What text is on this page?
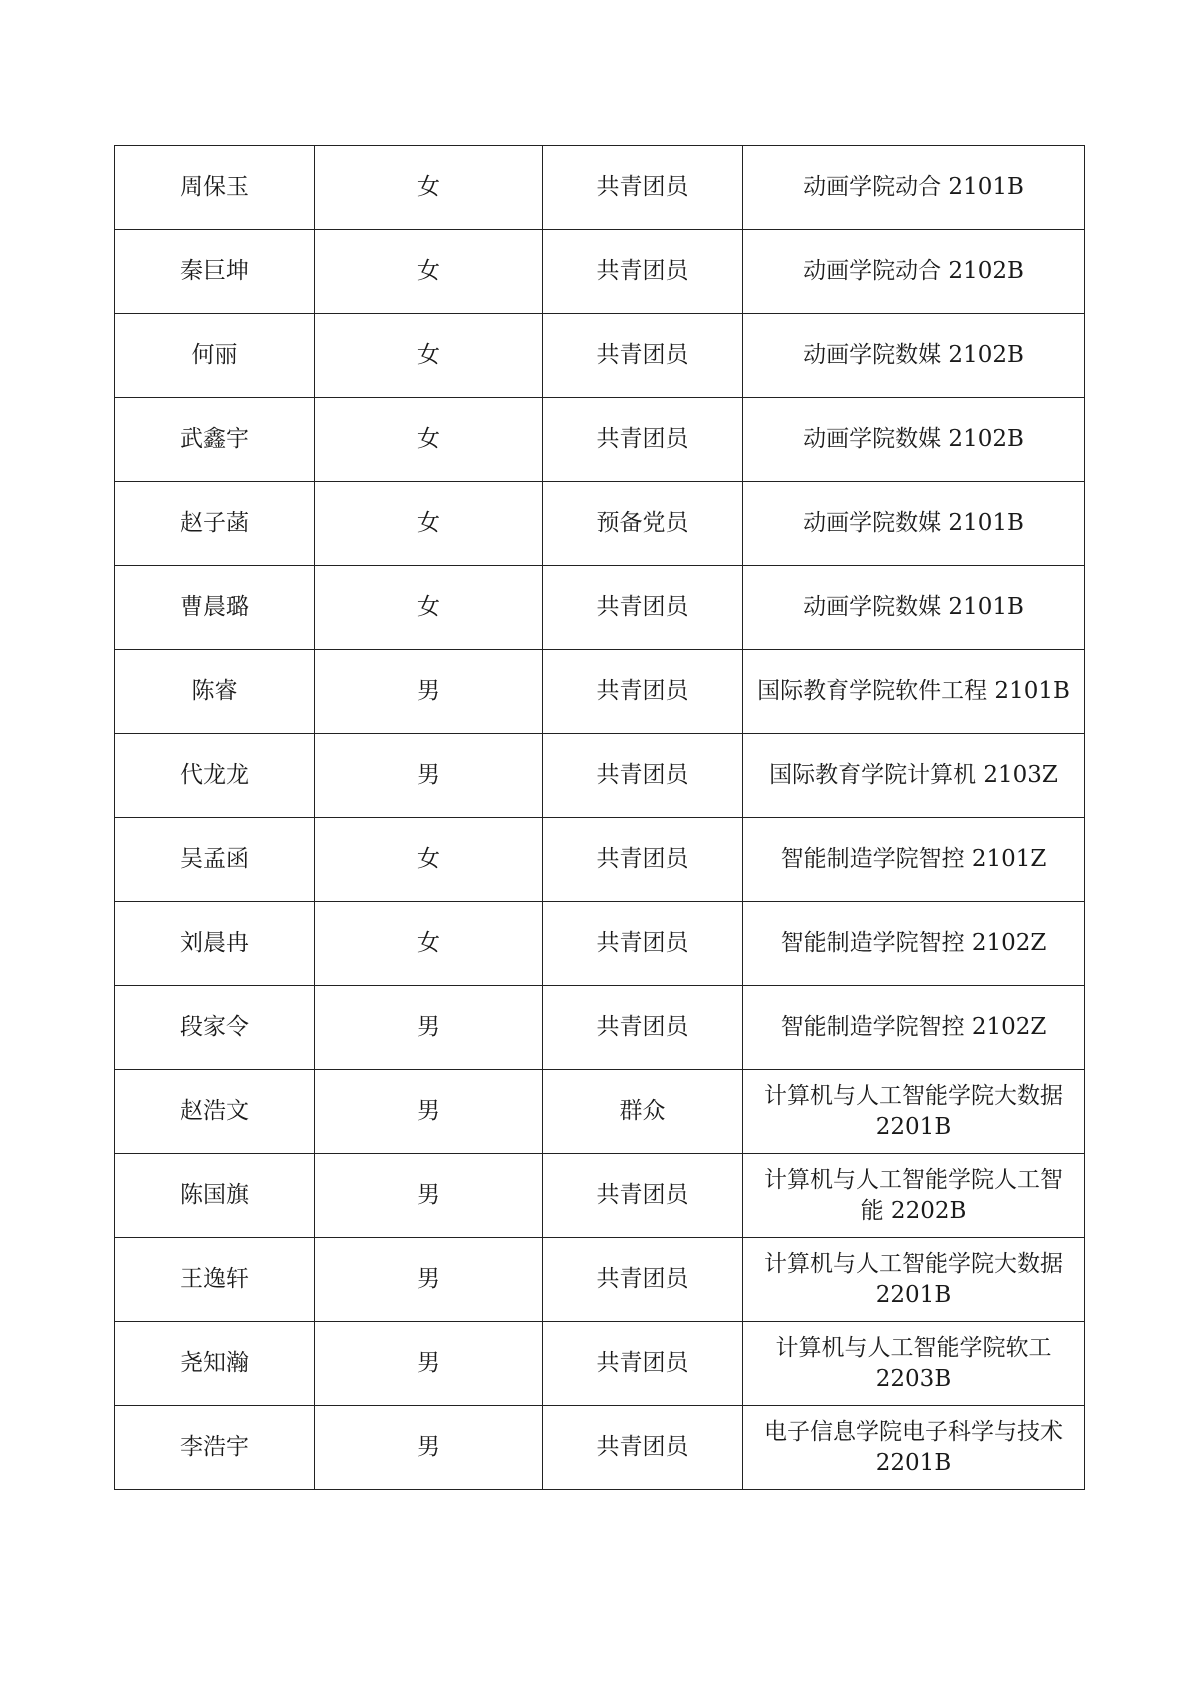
周保玉	女	共青团员	动画学院动合 2101B
秦巨坤	女	共青团员	动画学院动合 2102B
何丽	女	共青团员	动画学院数媒 2102B
武鑫宇	女	共青团员	动画学院数媒 2102B
赵子菡	女	预备党员	动画学院数媒 2101B
曹晨璐	女	共青团员	动画学院数媒 2101B
陈睿	男	共青团员	国际教育学院软件工程 2101B
代龙龙	男	共青团员	国际教育学院计算机 2103Z
吴孟函	女	共青团员	智能制造学院智控 2101Z
刘晨冉	女	共青团员	智能制造学院智控 2102Z
段家令	男	共青团员	智能制造学院智控 2102Z
赵浩文	男	群众	计算机与人工智能学院大数据 2201B
陈国旗	男	共青团员	计算机与人工智能学院人工智能 2202B
王逸轩	男	共青团员	计算机与人工智能学院大数据 2201B
尧知瀚	男	共青团员	计算机与人工智能学院软工 2203B
李浩宇	男	共青团员	电子信息学院电子科学与技术 2201B
